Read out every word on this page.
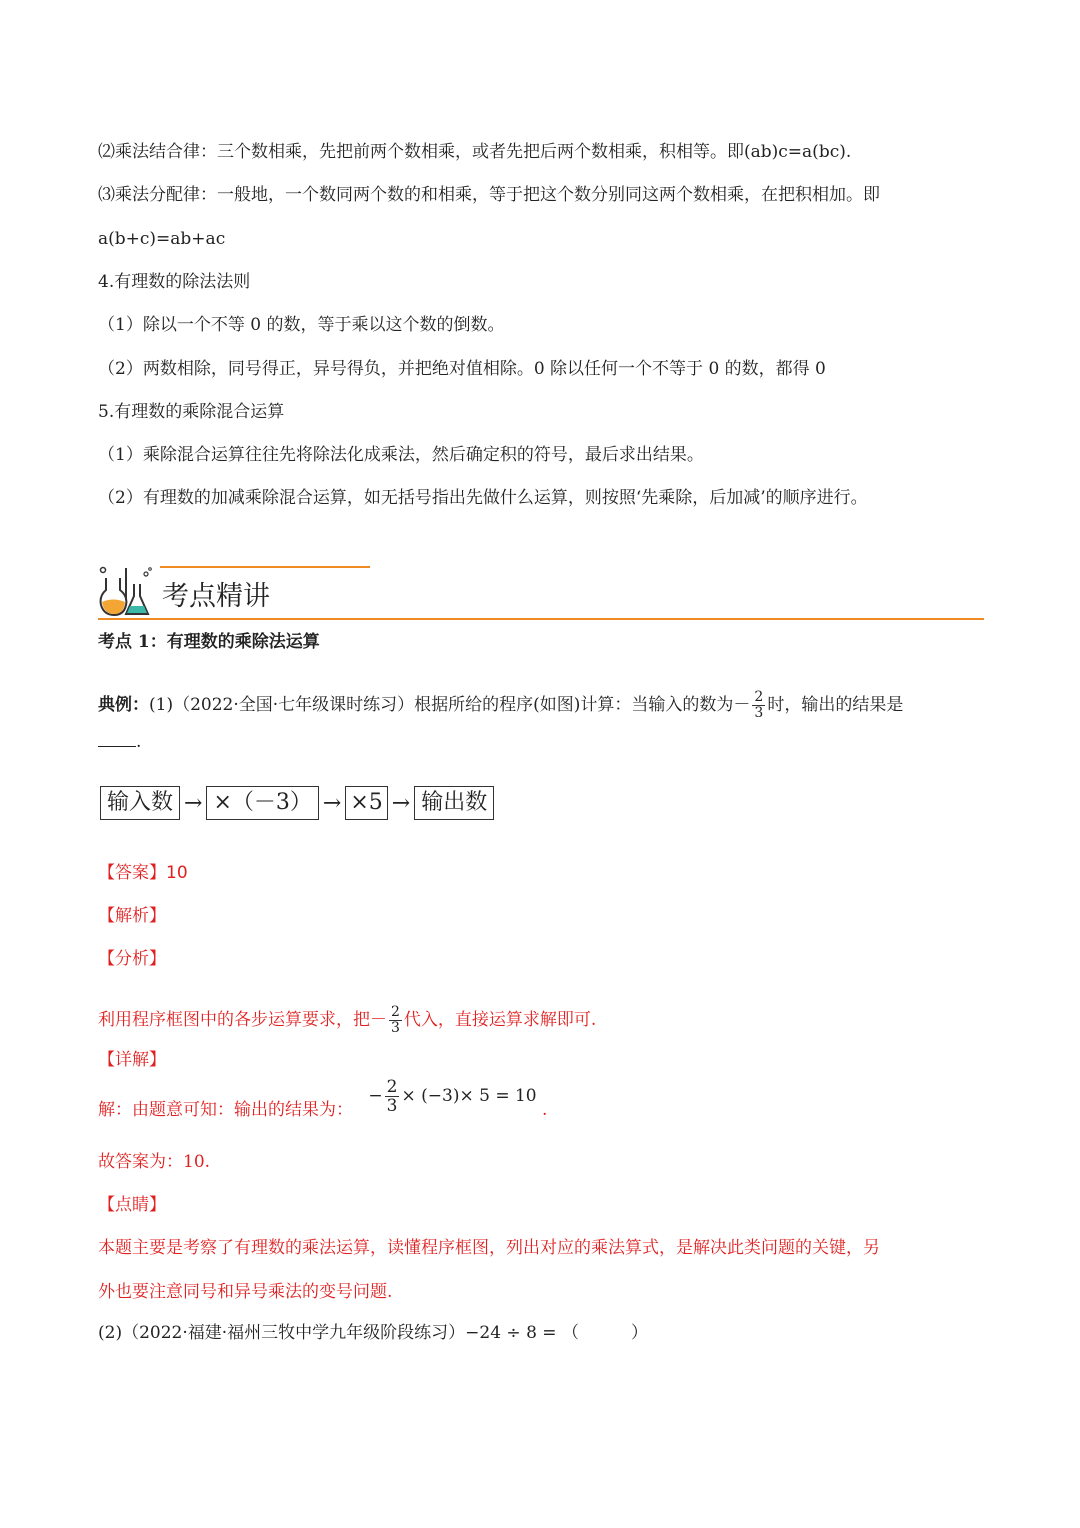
⑵乘法结合律：三个数相乘，先把前两个数相乘，或者先把后两个数相乘，积相等。即(ab)c=a(bc).
⑶乘法分配律：一般地，一个数同两个数的和相乘，等于把这个数分别同这两个数相乘，在把积相加。即
a(b+c)=ab+ac
4.有理数的除法法则
（1）除以一个不等 0 的数，等于乘以这个数的倒数。
（2）两数相除，同号得正，异号得负，并把绝对值相除。0 除以任何一个不等于 0 的数，都得 0
5.有理数的乘除混合运算
（1）乘除混合运算往往先将除法化成乘法，然后确定积的符号，最后求出结果。
（2）有理数的加减乘除混合运算，如无括号指出先做什么运算，则按照‘先乘除，后加减’的顺序进行。
考点精讲
考点 1：有理数的乘除法运算
典例：(1)（2022·全国·七年级课时练习）根据所给的程序(如图)计算：当输入的数为－ $\frac{2}{3}$ 时，输出的结果是
.
输入数 → ×（－3） → ×5 → 输出数
【答案】10
【解析】
【分析】
利用程序框图中的各步运算要求，把－ $\frac{2}{3}$ 代入，直接运算求解即可.
【详解】
解：由题意可知：输出的结果为： − $\frac{2}{3} \times (-3)\times 5 = 10$ .
故答案为：10.
【点睛】
本题主要是考察了有理数的乘法运算，读懂程序框图，列出对应的乘法算式，是解决此类问题的关键，另
外也要注意同号和异号乘法的变号问题.
(2)（2022·福建·福州三牧中学九年级阶段练习）−24 ÷ 8 = （	）
